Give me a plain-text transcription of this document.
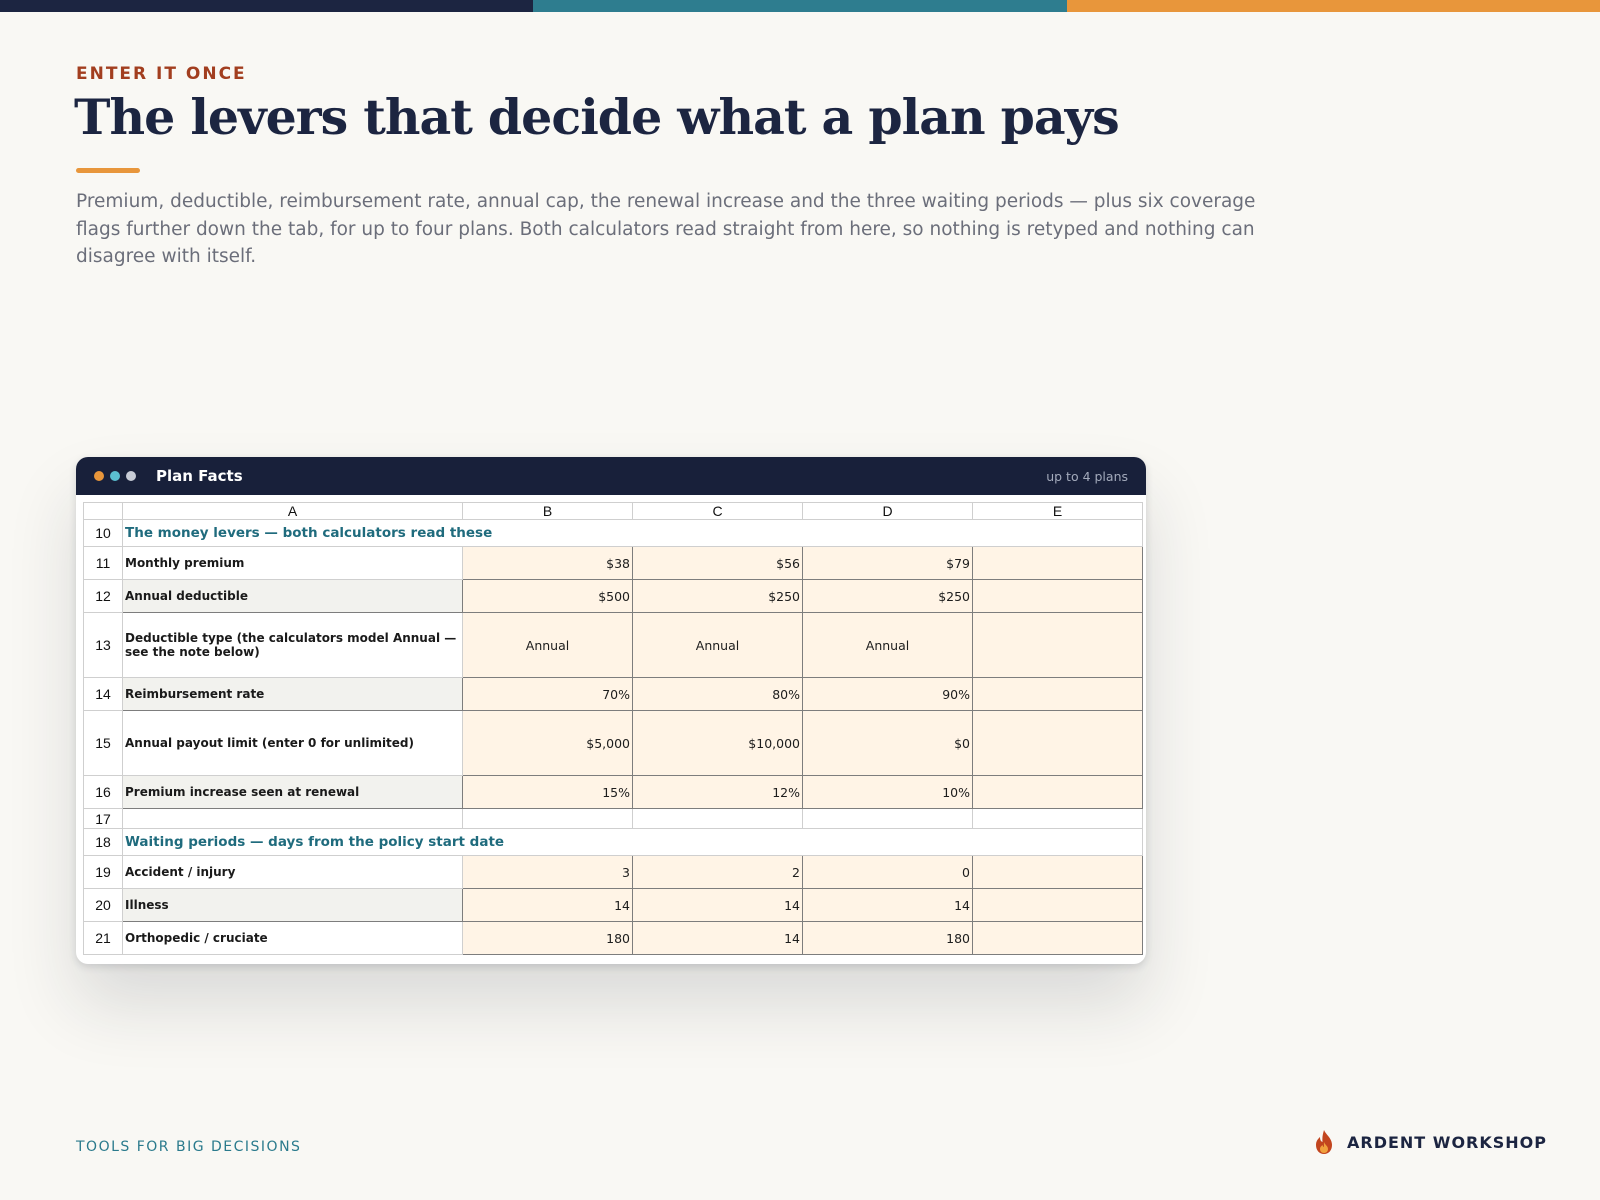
ENTER IT ONCE
The levers that decide what a plan pays

Premium, deductible, reimbursement rate, annual cap, the renewal increase and the three waiting periods — plus six coverage flags further down the tab, for up to four plans. Both calculators read straight from here, so nothing is retyped and nothing can disagree with itself.

Plan Facts	up to 4 plans
	A	B	C	D	E
10	The money levers — both calculators read these				
11	Monthly premium	$38	$56	$79	
12	Annual deductible	$500	$250	$250	
13	Deductible type (the calculators model Annual — see the note below)	Annual	Annual	Annual	
14	Reimbursement rate	70%	80%	90%	
15	Annual payout limit (enter 0 for unlimited)	$5,000	$10,000	$0	
16	Premium increase seen at renewal	15%	12%	10%	
17					
18	Waiting periods — days from the policy start date				
19	Accident / injury	3	2	0	
20	Illness	14	14	14	
21	Orthopedic / cruciate	180	14	180	
TOOLS FOR BIG DECISIONS	ARDENT WORKSHOP
